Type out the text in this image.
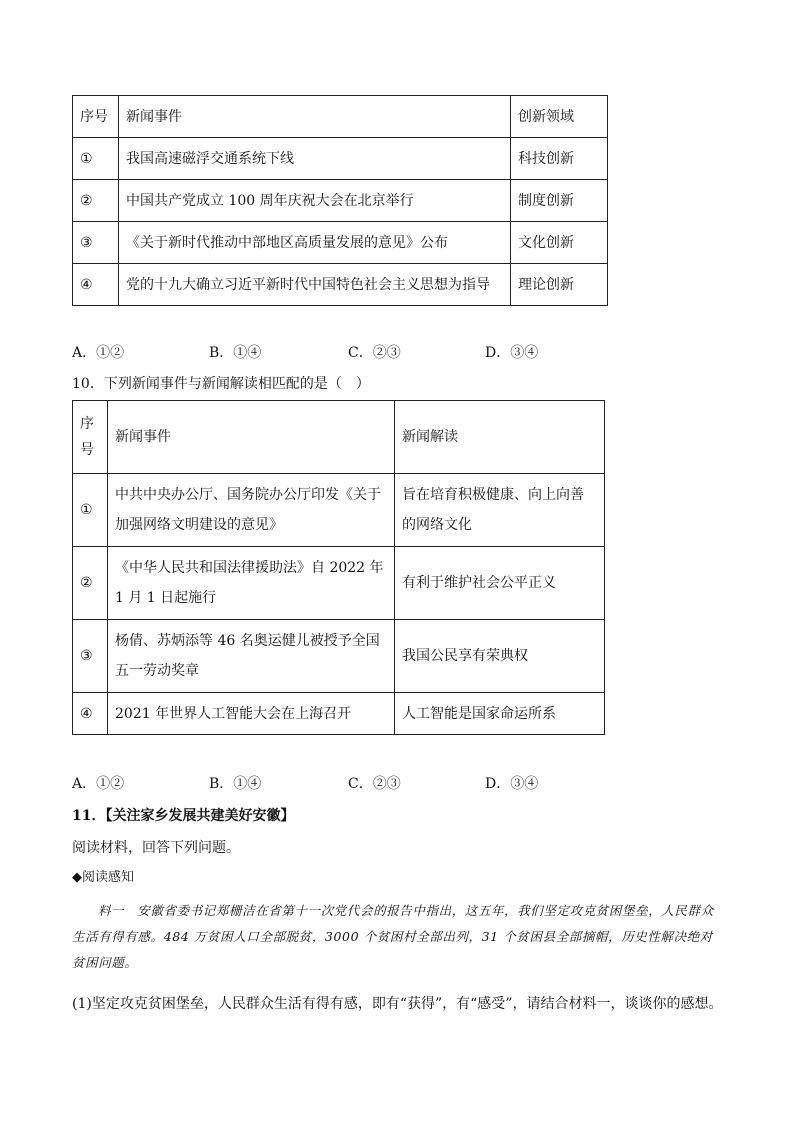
序号	新闻事件	创新领域
①	我国高速磁浮交通系统下线	科技创新
②	中国共产党成立 100 周年庆祝大会在北京举行	制度创新
③	《关于新时代推动中部地区高质量发展的意见》公布	文化创新
④	党的十九大确立习近平新时代中国特色社会主义思想为指导	理论创新
A．①②	B．①④	C．②③	D．③④
10．下列新闻事件与新闻解读相匹配的是（　）
序
号	新闻事件	新闻解读
①	中共中央办公厅、国务院办公厅印发《关于加强网络文明建设的意见》	旨在培育积极健康、向上向善的网络文化
②	《中华人民共和国法律援助法》自 2022 年 1 月 1 日起施行	有利于维护社会公平正义
③	杨倩、苏炳添等 46 名奥运健儿被授予全国五一劳动奖章	我国公民享有荣典权
④	2021 年世界人工智能大会在上海召开	人工智能是国家命运所系
A．①②	B．①④	C．②③	D．③④
11．【关注家乡发展共建美好安徽】
阅读材料，回答下列问题。
◆阅读感知
料一　安徽省委书记郑栅洁在省第十一次党代会的报告中指出，这五年，我们坚定攻克贫困堡垒，人民群众生活有得有感。484 万贫困人口全部脱贫，3000 个贫困村全部出列，31 个贫困县全部摘帽，历史性解决绝对贫困问题。
(1)坚定攻克贫困堡垒，人民群众生活有得有感，即有“获得”，有“感受”，请结合材料一，谈谈你的感想。
